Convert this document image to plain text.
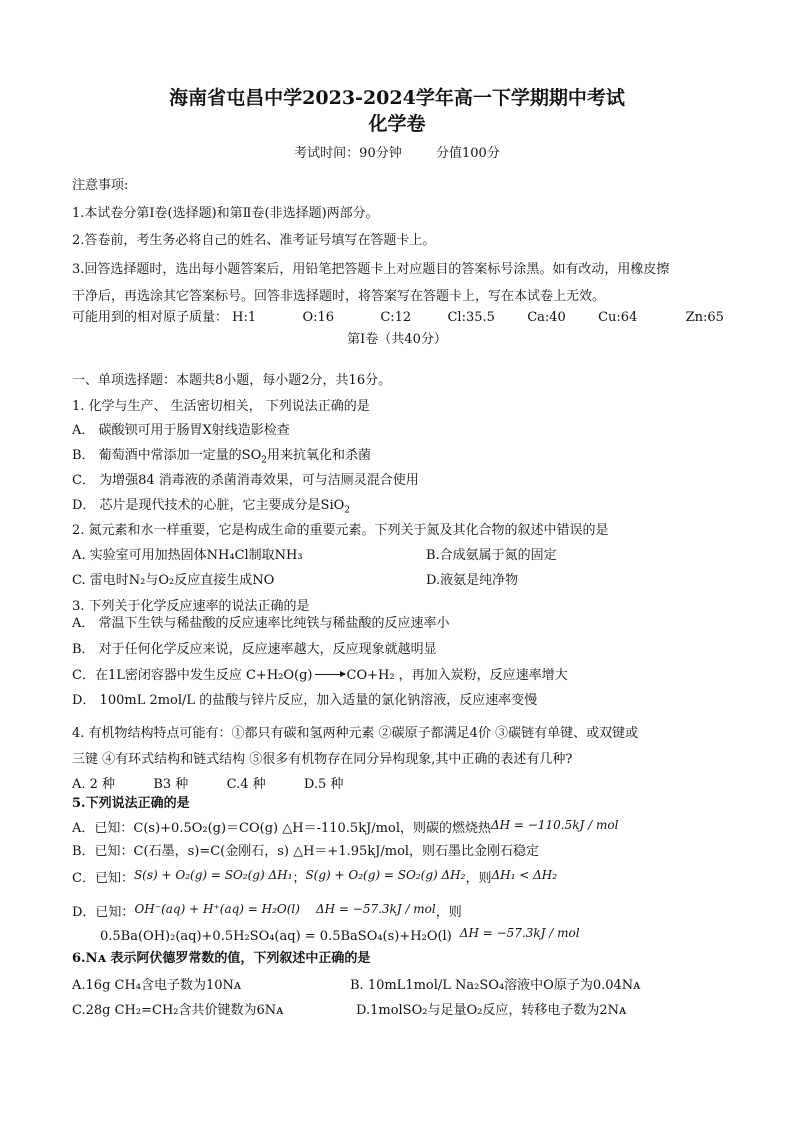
海南省屯昌中学2023-2024学年高一下学期期中考试
化学卷
考试时间：90分钟	分值100分
注意事项:
1.本试卷分第I卷(选择题)和第Ⅱ卷(非选择题)两部分。
2.答卷前，考生务必将自己的姓名、准考证号填写在答题卡上。
3.回答选择题时，选出每小题答案后，用铅笔把答题卡上对应题目的答案标号涂黑。如有改动，用橡皮擦
干净后，再选涂其它答案标号。回答非选择题时，将答案写在答题卡上，写在本试卷上无效。
可能用到的相对原子质量： H:1	O:16	C:12	Cl:35.5 Ca:40 Cu:64	Zn:65
第I卷（共40分）
一、单项选择题：本题共8小题，每小题2分，共16分。
1. 化学与生产、 生活密切相关， 下列说法正确的是
A． 碳酸钡可用于肠胃X射线造影检查
B． 葡萄酒中常添加一定量的$SO_2$用来抗氧化和杀菌
C． 为增强84 消毒液的杀菌消毒效果，可与洁厕灵混合使用
D． 芯片是现代技术的心脏，它主要成分是SiO$_2$
2. 氮元素和水一样重要，它是构成生命的重要元素。下列关于氮及其化合物的叙述中错误的是
A. 实验室可用加热固体NH₄Cl制取NH₃	B.合成氨属于氮的固定
C. 雷电时N₂与O₂反应直接生成NO	D.液氨是纯净物
3. 下列关于化学反应速率的说法正确的是
A． 常温下生铁与稀盐酸的反应速率比纯铁与稀盐酸的反应速率小
B． 对于任何化学反应来说，反应速率越大，反应现象就越明显
C．在1L密闭容器中发生反应 C+H₂O(g)	CO+H₂ ，再加入炭粉，反应速率增大
D． 100mL 2mol/L 的盐酸与锌片反应，加入适量的氯化钠溶液，反应速率变慢
4. 有机物结构特点可能有：①都只有碳和氢两种元素 ②碳原子都满足4价 ③碳链有单键、或双键或
三键 ④有环式结构和链式结构 ⑤很多有机物存在同分异构现象,其中正确的表述有几种?
A. 2 种	B3 种	C.4 种	D.5 种
5.下列说法正确的是
A．已知：C(s)+0.5O₂(g)＝CO(g) △H＝-110.5kJ/mol，则碳的燃烧热ΔH = −110.5kJ / mol
B．已知：C(石墨，s)=C(金刚石，s) △H＝+1.95kJ/mol，则石墨比金刚石稳定
C．已知：S(s) + O₂(g) = SO₂(g) ΔH₁；S(g) + O₂(g) = SO₂(g) ΔH₂，则ΔH₁ < ΔH₂
D．已知：OH⁻(aq) + H⁺(aq) = H₂O(l) ΔH = −57.3kJ / mol，则
0.5Ba(OH)₂(aq)+0.5H₂SO₄(aq) = 0.5BaSO₄(s)+H₂O(l) ΔH = −57.3kJ / mol
6.Nᴀ 表示阿伏德罗常数的值，下列叙述中正确的是
A.16g CH₄含电子数为10Nᴀ	B. 10mL1mol/L Na₂SO₄溶液中O原子为0.04Nᴀ
C.28g CH₂=CH₂含共价键数为6Nᴀ	D.1molSO₂与足量O₂反应，转移电子数为2Nᴀ
